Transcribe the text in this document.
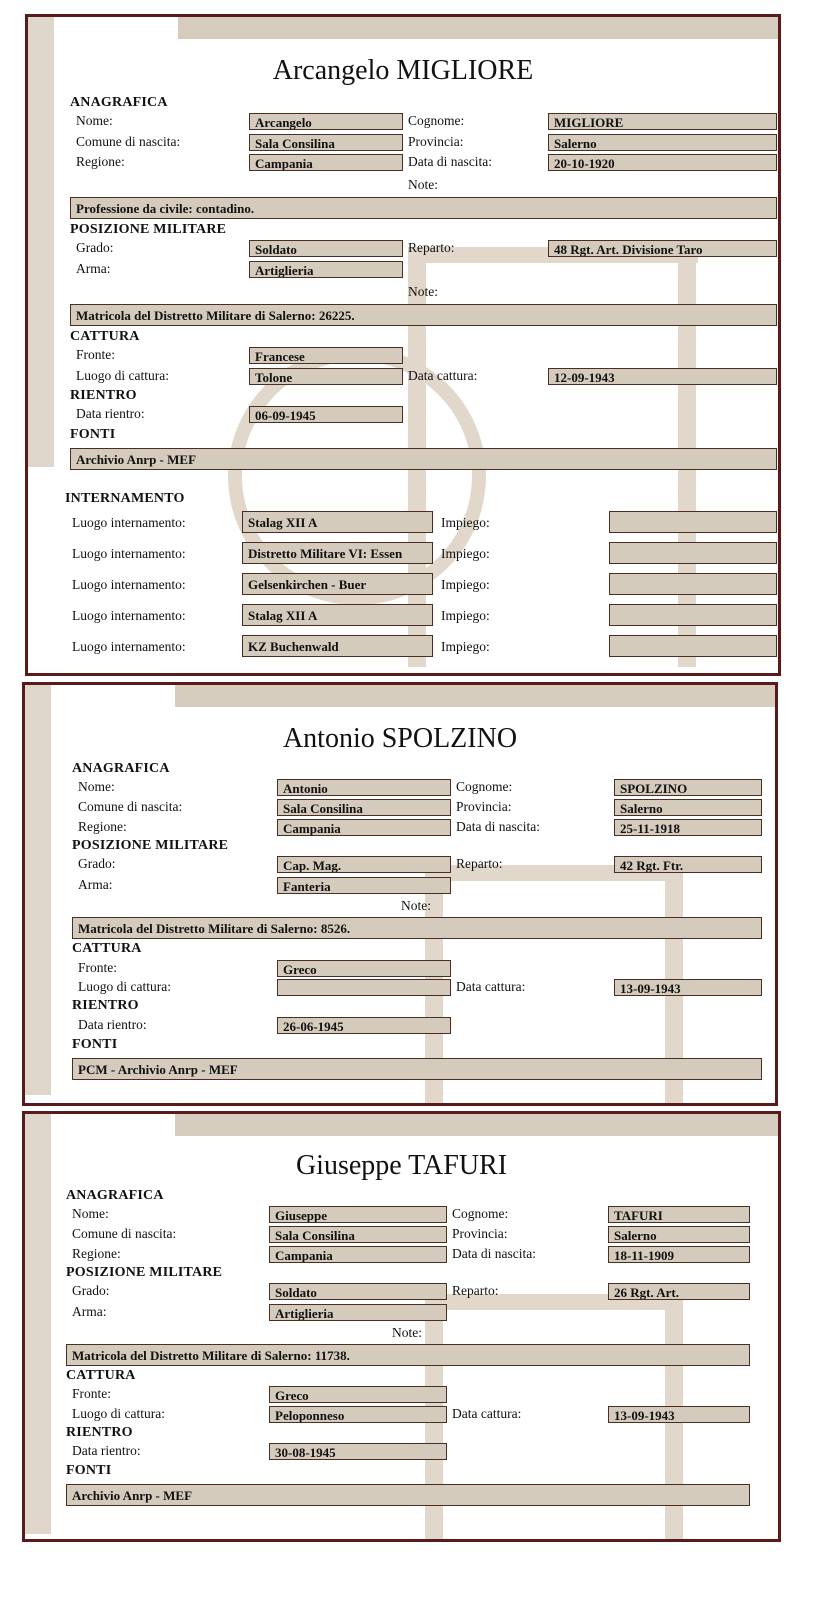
Arcangelo MIGLIORE
ANAGRAFICA
Nome:	Arcangelo	Cognome:	MIGLIORE
Comune di nascita:	Sala Consilina	Provincia:	Salerno
Regione:	Campania	Data di nascita:	20-10-1920
Note:
Professione da civile: contadino.
POSIZIONE MILITARE
Grado:	Soldato	Reparto:	48 Rgt. Art. Divisione Taro
Arma:	Artiglieria
Note:
Matricola del Distretto Militare di Salerno: 26225.
CATTURA
Fronte:	Francese
Luogo di cattura:	Tolone	Data cattura:	12-09-1943
RIENTRO
Data rientro:	06-09-1945
FONTI
Archivio Anrp - MEF
INTERNAMENTO
Luogo internamento:	Stalag XII A	Impiego:
Luogo internamento:	Distretto Militare VI: Essen	Impiego:
Luogo internamento:	Gelsenkirchen - Buer	Impiego:
Luogo internamento:	Stalag XII A	Impiego:
Luogo internamento:	KZ Buchenwald	Impiego:
Antonio SPOLZINO
ANAGRAFICA
Nome:	Antonio	Cognome:	SPOLZINO
Comune di nascita:	Sala Consilina	Provincia:	Salerno
Regione:	Campania	Data di nascita:	25-11-1918
POSIZIONE MILITARE
Grado:	Cap. Mag.	Reparto:	42 Rgt. Ftr.
Arma:	Fanteria
Note:
Matricola del Distretto Militare di Salerno: 8526.
CATTURA
Fronte:	Greco
Luogo di cattura:	Data cattura:	13-09-1943
RIENTRO
Data rientro:	26-06-1945
FONTI
PCM - Archivio Anrp - MEF
Giuseppe TAFURI
ANAGRAFICA
Nome:	Giuseppe	Cognome:	TAFURI
Comune di nascita:	Sala Consilina	Provincia:	Salerno
Regione:	Campania	Data di nascita:	18-11-1909
POSIZIONE MILITARE
Grado:	Soldato	Reparto:	26 Rgt. Art.
Arma:	Artiglieria
Note:
Matricola del Distretto Militare di Salerno: 11738.
CATTURA
Fronte:	Greco
Luogo di cattura:	Peloponneso	Data cattura:	13-09-1943
RIENTRO
Data rientro:	30-08-1945
FONTI
Archivio Anrp - MEF
